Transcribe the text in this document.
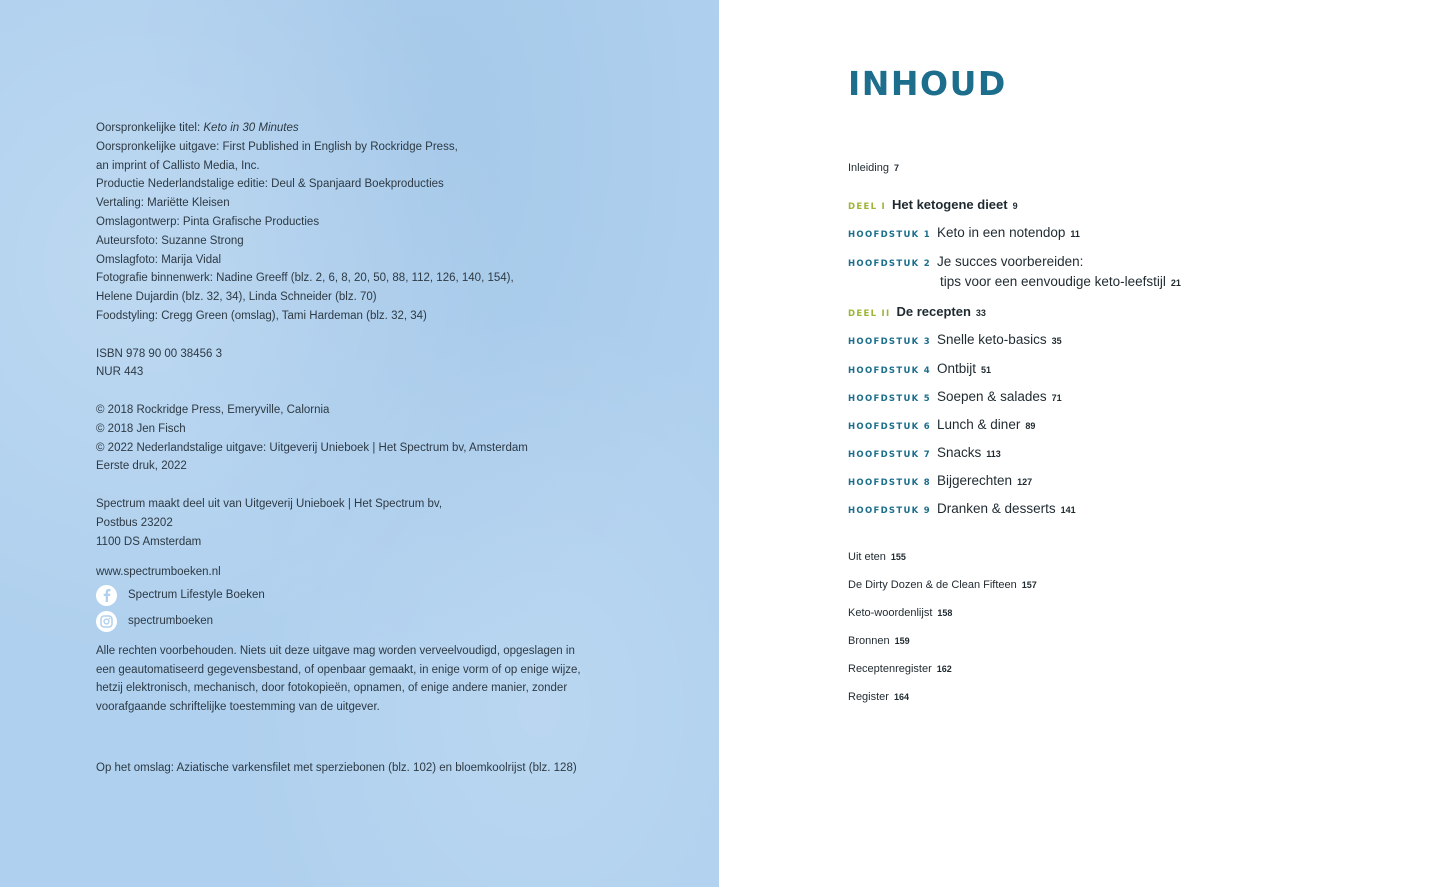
Oorspronkelijke titel: Keto in 30 Minutes
Oorspronkelijke uitgave: First Published in English by Rockridge Press,
an imprint of Callisto Media, Inc.
Productie Nederlandstalige editie: Deul & Spanjaard Boekproducties
Vertaling: Mariëtte Kleisen
Omslagontwerp: Pinta Grafische Producties
Auteursfoto: Suzanne Strong
Omslagfoto: Marija Vidal
Fotografie binnenwerk: Nadine Greeff (blz. 2, 6, 8, 20, 50, 88, 112, 126, 140, 154),
Helene Dujardin (blz. 32, 34), Linda Schneider (blz. 70)
Foodstyling: Cregg Green (omslag), Tami Hardeman (blz. 32, 34)
ISBN 978 90 00 38456 3
NUR 443
© 2018 Rockridge Press, Emeryville, Calornia
© 2018 Jen Fisch
© 2022 Nederlandstalige uitgave: Uitgeverij Unieboek | Het Spectrum bv, Amsterdam
Eerste druk, 2022
Spectrum maakt deel uit van Uitgeverij Unieboek | Het Spectrum bv,
Postbus 23202
1100 DS Amsterdam
www.spectrumboeken.nl
Spectrum Lifestyle Boeken
spectrumboeken
Alle rechten voorbehouden. Niets uit deze uitgave mag worden verveelvoudigd, opgeslagen in een geautomatiseerd gegevensbestand, of openbaar gemaakt, in enige vorm of op enige wijze, hetzij elektronisch, mechanisch, door fotokopieën, opnamen, of enige andere manier, zonder voorafgaande schriftelijke toestemming van de uitgever.
Op het omslag: Aziatische varkensfilet met sperziebonen (blz. 102) en bloemkoolrijst (blz. 128)
INHOUD
Inleiding 7
DEEL I Het ketogene dieet 9
HOOFDSTUK 1 Keto in een notendop 11
HOOFDSTUK 2 Je succes voorbereiden:
tips voor een eenvoudige keto-leefstijl 21
DEEL II De recepten 33
HOOFDSTUK 3 Snelle keto-basics 35
HOOFDSTUK 4 Ontbijt 51
HOOFDSTUK 5 Soepen & salades 71
HOOFDSTUK 6 Lunch & diner 89
HOOFDSTUK 7 Snacks 113
HOOFDSTUK 8 Bijgerechten 127
HOOFDSTUK 9 Dranken & desserts 141
Uit eten 155
De Dirty Dozen & de Clean Fifteen 157
Keto-woordenlijst 158
Bronnen 159
Receptenregister 162
Register 164
